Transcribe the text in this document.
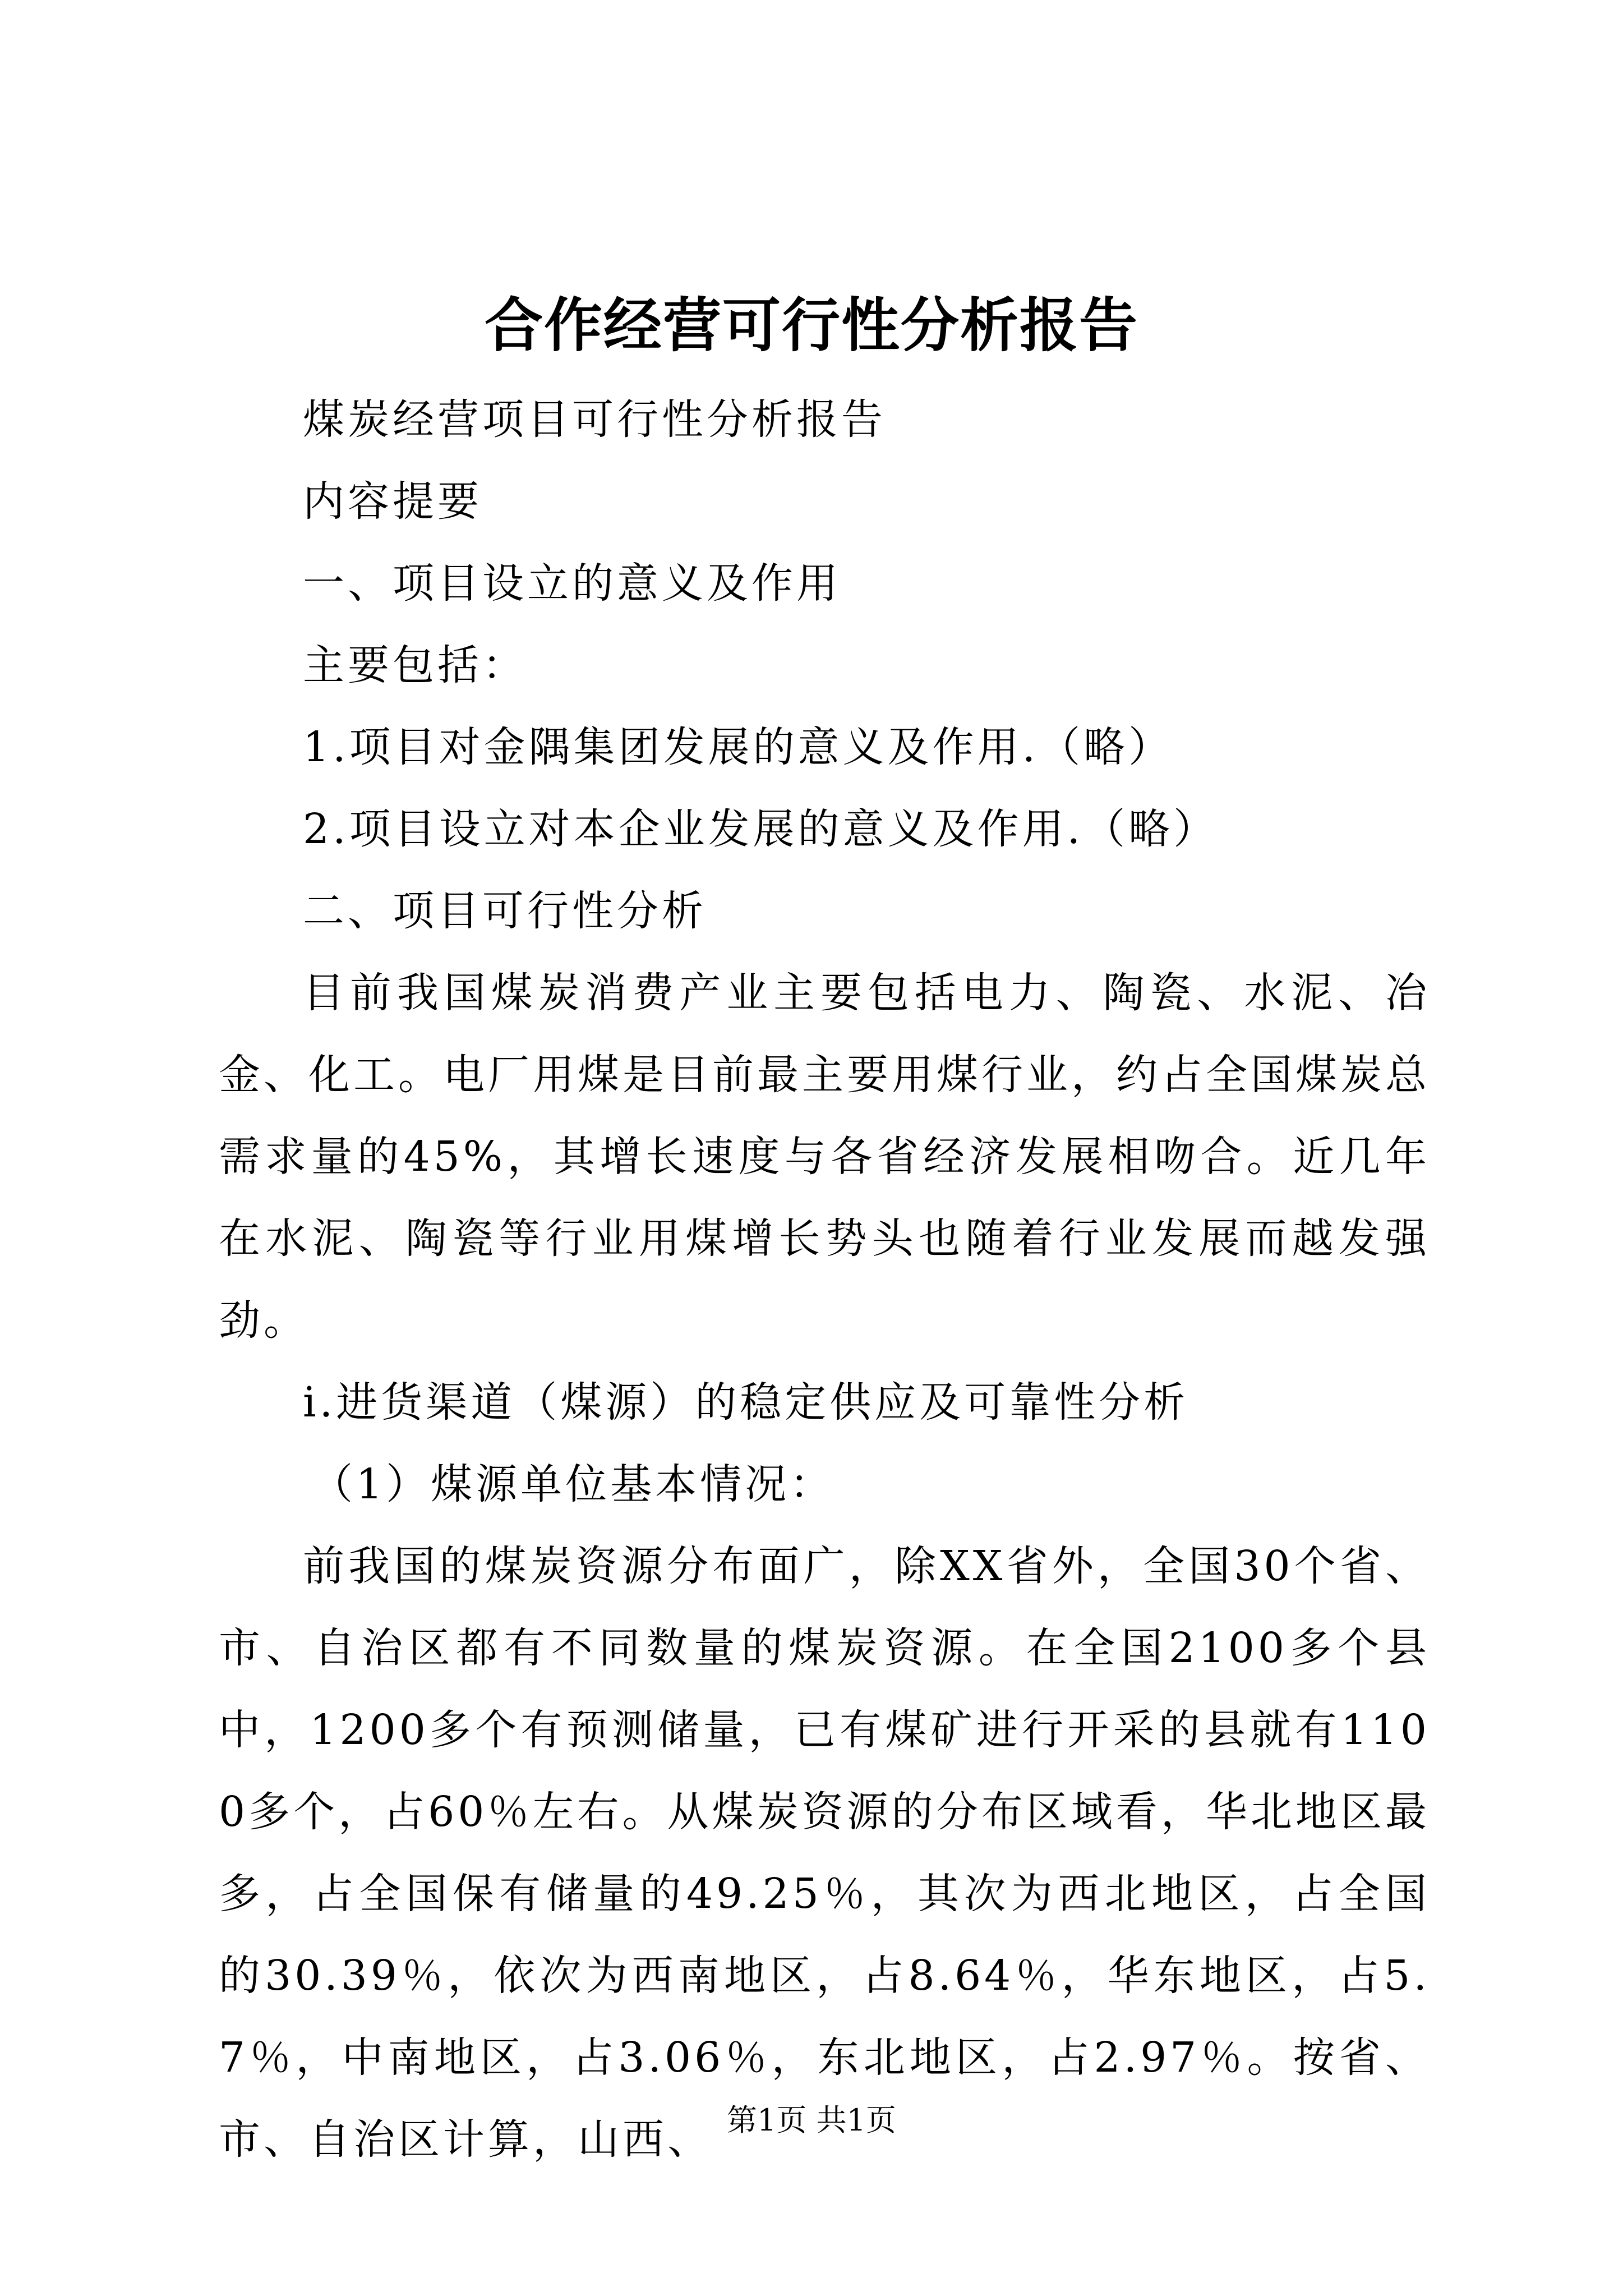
合作经营可行性分析报告

煤炭经营项目可行性分析报告

内容提要

一、项目设立的意义及作用

主要包括：

1.项目对金隅集团发展的意义及作用.（略）

2.项目设立对本企业发展的意义及作用.（略）

二、项目可行性分析

目前我国煤炭消费产业主要包括电力、陶瓷、水泥、冶金、化工。电厂用煤是目前最主要用煤行业，约占全国煤炭总需求量的45%，其增长速度与各省经济发展相吻合。近几年在水泥、陶瓷等行业用煤增长势头也随着行业发展而越发强劲。

i.进货渠道（煤源）的稳定供应及可靠性分析

（1）煤源单位基本情况：

前我国的煤炭资源分布面广，除XX省外，全国30个省、市、自治区都有不同数量的煤炭资源。在全国2100多个县中，1200多个有预测储量，已有煤矿进行开采的县就有1100多个，占60％左右。从煤炭资源的分布区域看，华北地区最多，占全国保有储量的49.25％，其次为西北地区，占全国的30.39％，依次为西南地区，占8.64％，华东地区，占5.7％，中南地区，占3.06％，东北地区，占2.97％。按省、市、自治区计算，山西、 第1页 共1页
